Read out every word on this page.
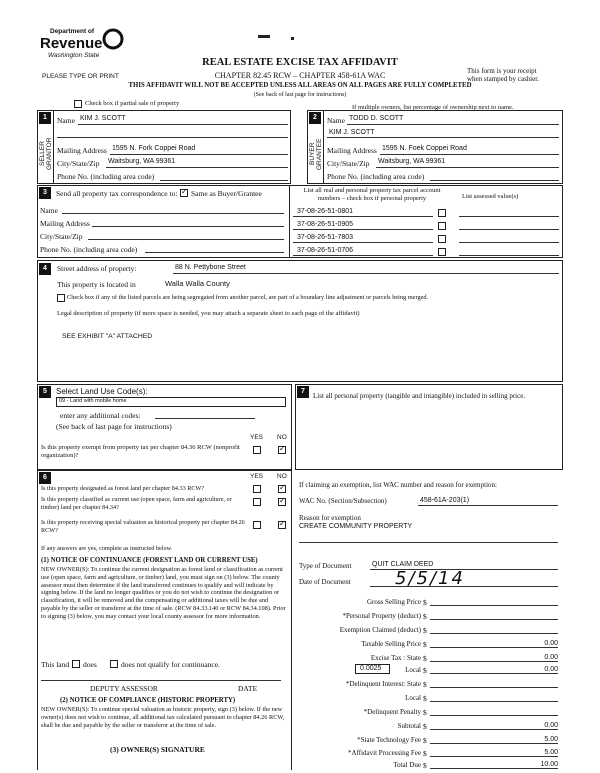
Department of
Revenue
Washington State
PLEASE TYPE OR PRINT
REAL ESTATE EXCISE TAX AFFIDAVIT
CHAPTER 82.45 RCW – CHAPTER 458-61A WAC
THIS AFFIDAVIT WILL NOT BE ACCEPTED UNLESS ALL AREAS ON ALL PAGES ARE FULLY COMPLETED
(See back of last page for instructions)
This form is your receipt
when stamped by cashier.
Check box if partial sale of property
If multiple owners, list percentage of ownership next to name.
1
SELLER GRANTOR
Name KIM J. SCOTT
Mailing Address 1595 N. Fork Coppei Road
City/State/Zip Waitsburg, WA 99361
Phone No. (including area code)
2
BUYER GRANTEE
Name TODD D. SCOTT
KIM J. SCOTT
Mailing Address 1595 N. Foek Coppei Road
City/State/Zip Waitsburg, WA 99361
Phone No. (including area code)
3	Send all property tax correspondence to:
✓ Same as Buyer/Grantee
Name
Mailing Address
City/State/Zip
Phone No. (including area code)
List all real and personal property tax parcel account
numbers – check box if personal property	List assessed value(s)
37-08-26-51-0801
37-08-26-51-0905
37-08-26-51-7803
37-08-26-51-0706
4	Street address of property:	88 N. Pettybone Street
This property is located in	Walla Walla County
Check box if any of the listed parcels are being segregated from another parcel, are part of a boundary line adjustment or parcels being merged.
Legal description of property (if more space is needed, you may attach a separate sheet to each page of the affidavit)
SEE EXHIBIT "A" ATTACHED
5	Select Land Use Code(s):
09 - Land with mobile home
enter any additional codes:
(See back of last page for instructions)
YES NO
Is this property exempt from property tax per chapter 84.36 RCW (nonprofit organization)?
✓
6	YES NO
Is this property designated as forest land per chapter 84.33 RCW?
✓
Is this property classified as current use (open space, farm and agriculture, or timber) land per chapter 84.34?
✓
Is this property receiving special valuation as historical property per chapter 84.26 RCW?
✓
If any answers are yes, complete as instructed below.
(1) NOTICE OF CONTINUANCE (FOREST LAND OR CURRENT USE)
NEW OWNER(S): To continue the current designation as forest land or classification as current use (open space, farm and agriculture, or timber) land, you must sign on (3) below. The county assessor must then determine if the land transferred continues to qualify and will indicate by signing below. If the land no longer qualifies or you do not wish to continue the designation or classification, it will be removed and the compensating or additional taxes will be due and payable by the seller or transferor at the time of sale. (RCW 84.33.140 or RCW 84.34.108). Prior to signing (3) below, you may contact your local county assessor for more information.
This land does	does not qualify for continuance.
DEPUTY ASSESSOR	DATE
(2) NOTICE OF COMPLIANCE (HISTORIC PROPERTY)
NEW OWNER(S): To continue special valuation as historic property, sign (3) below. If the new owner(s) does not wish to continue, all additional tax calculated pursuant to chapter 84.26 RCW, shall be due and payable by the seller or transferor at the time of sale.
(3) OWNER(S) SIGNATURE
7
List all personal property (tangible and intangible) included in selling price.
If claiming an exemption, list WAC number and reason for exemption:
WAC No. (Section/Subsection)	458-61A-203(1)
Reason for exemption
CREATE COMMUNITY PROPERTY
Type of Document	QUIT CLAIM DEED
Date of Document 5/5/14
Gross Selling Price $
*Personal Property (deduct) $
Exemption Claimed (deduct) $
Taxable Selling Price $	0.00
Excise Tax : State $	0.00
0.0025	Local $	0.00
*Delinquent Interest: State $
Local $
*Delinquent Penalty $
Subtotal $	0.00
*State Technology Fee $	5.00
*Affidavit Processing Fee $	5.00
Total Due $	10.00
